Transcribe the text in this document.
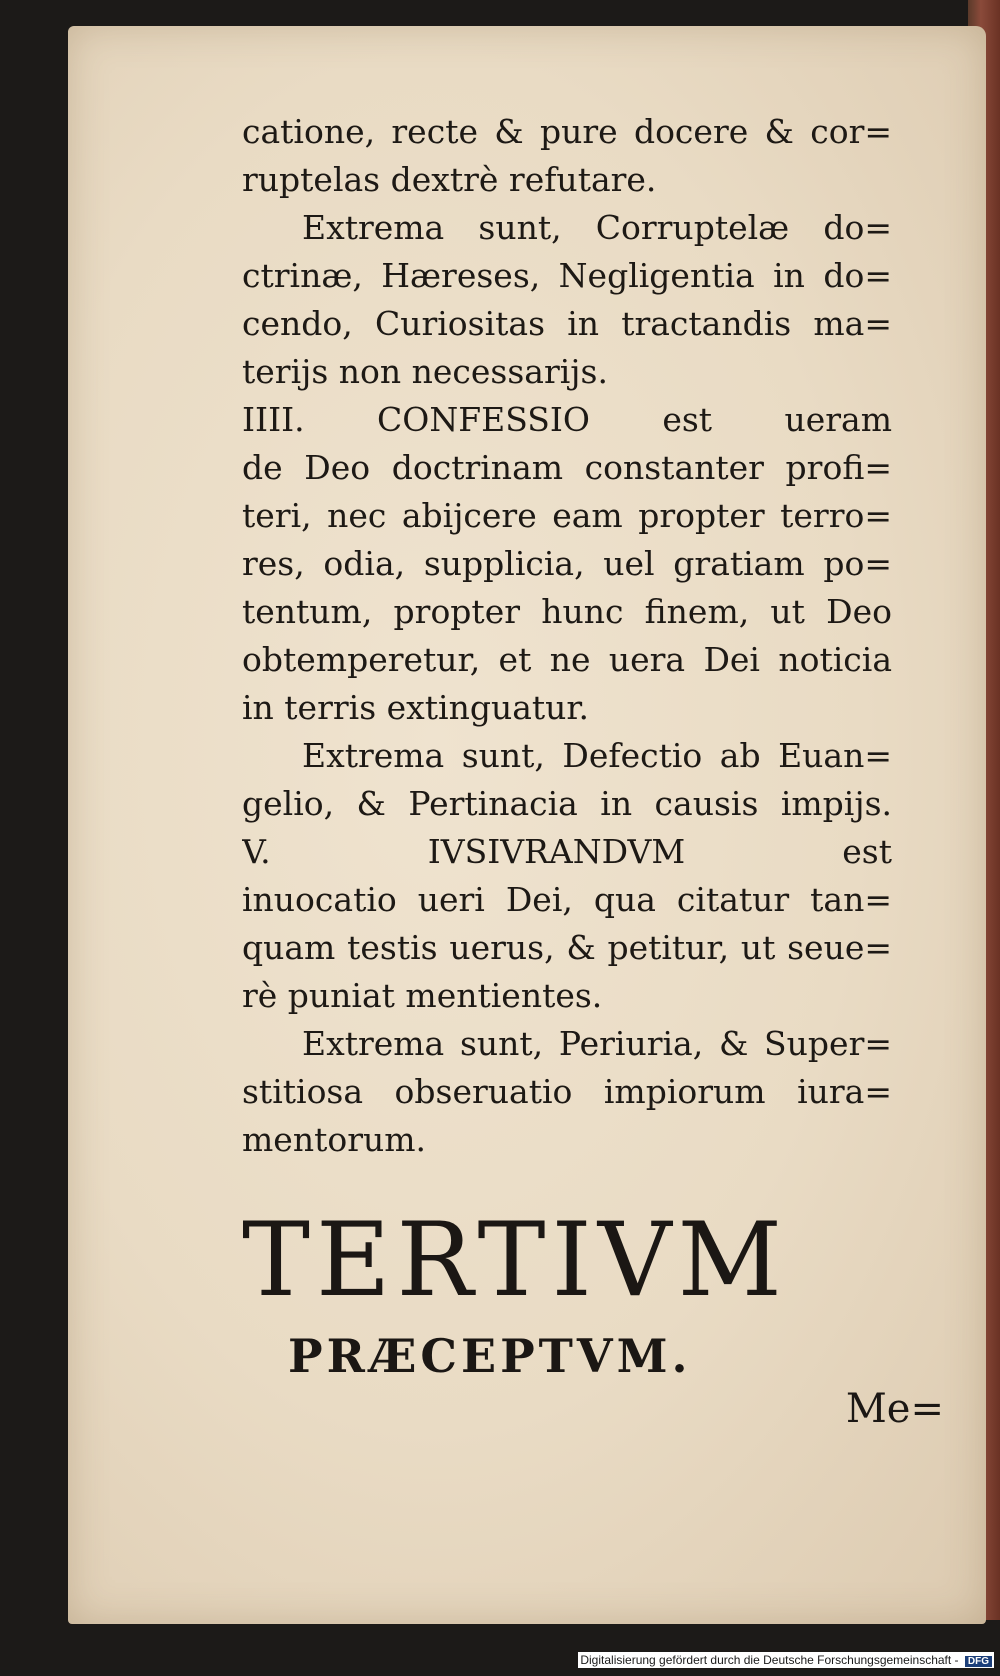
catione, recte & pure docere & cor=
ruptelas dextrè refutare.
Extrema sunt, Corruptelæ do=
ctrinæ, Hæreses, Negligentia in do=
cendo, Curiositas in tractandis ma=
terijs non necessarijs.
IIII. CONFESSIO est ueram
de Deo doctrinam constanter profi=
teri, nec abijcere eam propter terro=
res, odia, supplicia, uel gratiam po=
tentum, propter hunc finem, ut Deo
obtemperetur, et ne uera Dei noticia
in terris extinguatur.
Extrema sunt, Defectio ab Euan=
gelio, & Pertinacia in causis impijs.
V. IVSIVRANDVM est
inuocatio ueri Dei, qua citatur tan=
quam testis uerus, & petitur, ut seue=
rè puniat mentientes.
Extrema sunt, Periuria, & Super=
stitiosa obseruatio impiorum iura=
mentorum.
TERTIVM
PRÆCEPTVM.
Me=
Digitalisierung gefördert durch die Deutsche Forschungsgemeinschaft - DFG
